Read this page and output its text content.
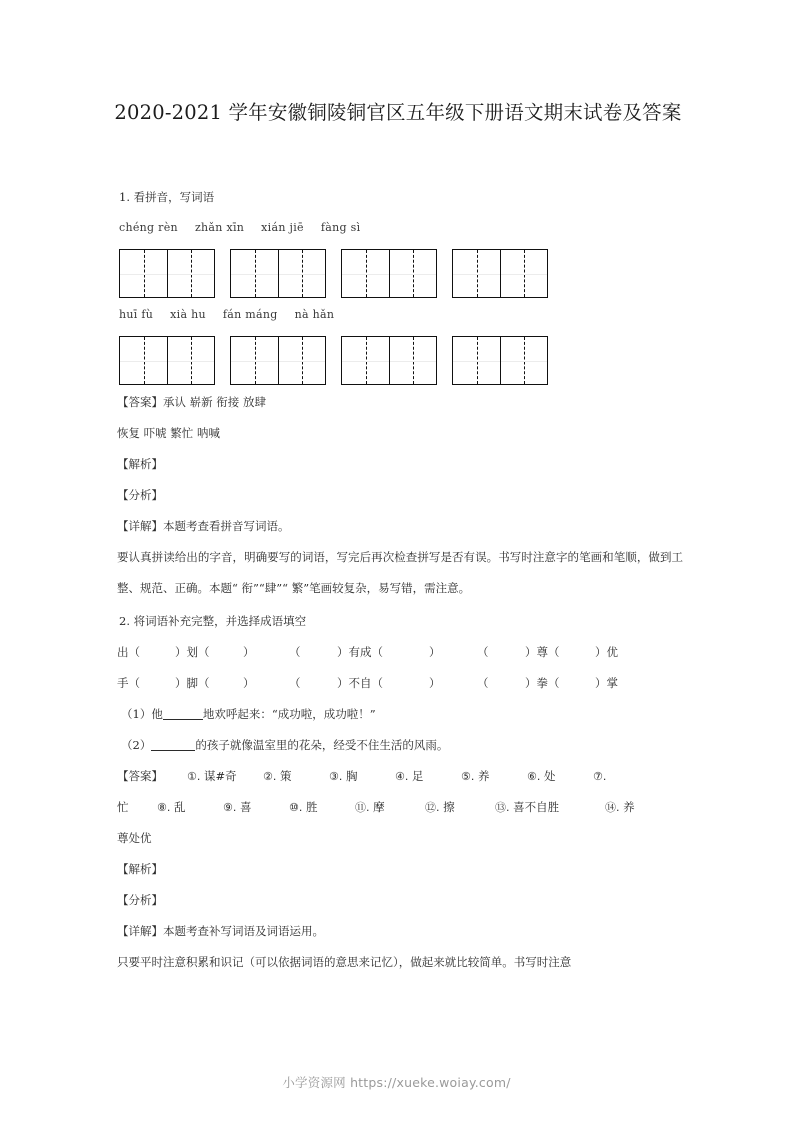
2020-2021 学年安徽铜陵铜官区五年级下册语文期末试卷及答案
1. 看拼音，写词语
chéng rèn zhǎn xīn xián jiē fàng sì
huī fù xià hu fán máng nà hǎn
【答案】承认 崭新 衔接 放肆
恢复 吓唬 繁忙 呐喊
【解析】
【分析】
【详解】本题考查看拼音写词语。
要认真拼读给出的字音，明确要写的词语，写完后再次检查拼写是否有误。书写时注意字的笔画和笔顺，做到工整、规范、正确。本题“ 衔”“肆”“ 繁”笔画较复杂，易写错，需注意。
2. 将词语补充完整，并选择成语填空
出（	）划（	）	（	）有成（	）	（	）尊（	）优
手（	）脚（	）	（	）不自（	）	（	）拳（	）掌
（1）他	地欢呼起来：“成功啦，成功啦！”
（2）	的孩子就像温室里的花朵，经受不住生活的风雨。
【答案】 ①. 谋#奇 ②. 策	③. 胸	④. 足	⑤. 养	⑥. 处	⑦.
忙	⑧. 乱	⑨. 喜	⑩. 胜	⑪. 摩	⑫. 擦	⑬. 喜不自胜	⑭. 养
尊处优
【解析】
【分析】
【详解】本题考查补写词语及词语运用。
只要平时注意积累和识记（可以依据词语的意思来记忆），做起来就比较简单。书写时注意
小学资源网 https://xueke.woiay.com/
